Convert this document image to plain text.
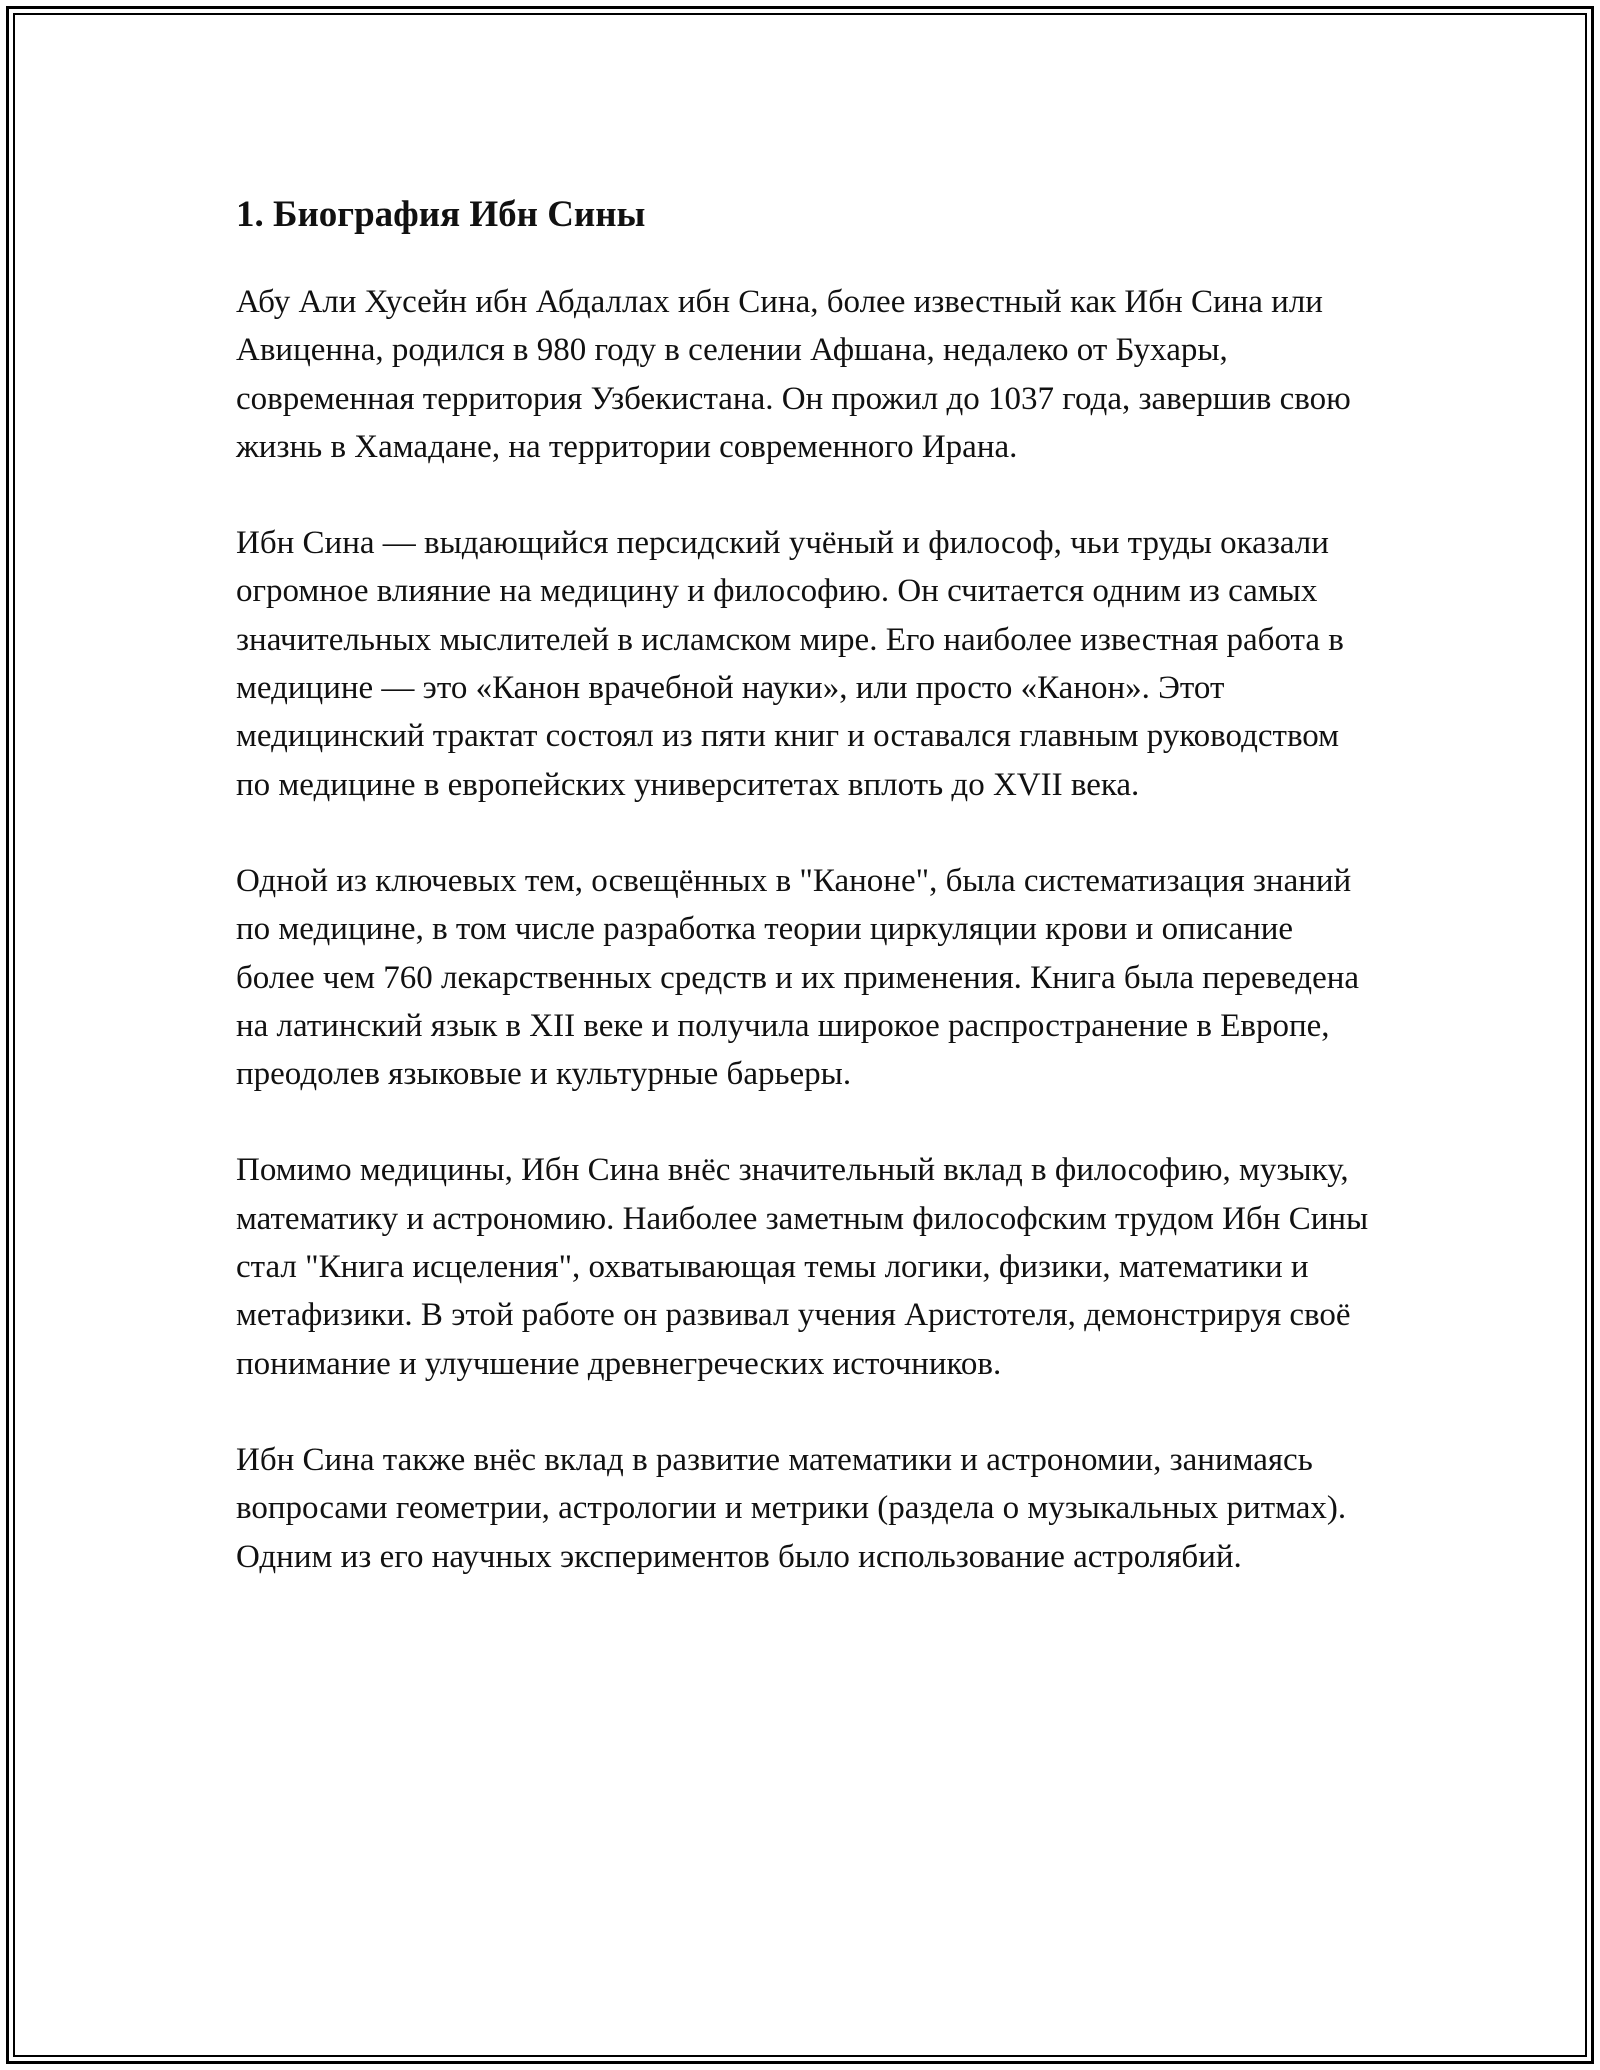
1. Биография Ибн Сины

Абу Али Хусейн ибн Абдаллах ибн Сина, более известный как Ибн Сина или Авиценна, родился в 980 году в селении Афшана, недалеко от Бухары, современная территория Узбекистана. Он прожил до 1037 года, завершив свою жизнь в Хамадане, на территории современного Ирана.

Ибн Сина — выдающийся персидский учёный и философ, чьи труды оказали огромное влияние на медицину и философию. Он считается одним из самых значительных мыслителей в исламском мире. Его наиболее известная работа в медицине — это «Канон врачебной науки», или просто «Канон». Этот медицинский трактат состоял из пяти книг и оставался главным руководством по медицине в европейских университетах вплоть до XVII века.

Одной из ключевых тем, освещённых в "Каноне", была систематизация знаний по медицине, в том числе разработка теории циркуляции крови и описание более чем 760 лекарственных средств и их применения. Книга была переведена на латинский язык в XII веке и получила широкое распространение в Европе, преодолев языковые и культурные барьеры.

Помимо медицины, Ибн Сина внёс значительный вклад в философию, музыку, математику и астрономию. Наиболее заметным философским трудом Ибн Сины стал "Книга исцеления", охватывающая темы логики, физики, математики и метафизики. В этой работе он развивал учения Аристотеля, демонстрируя своё понимание и улучшение древнегреческих источников.

Ибн Сина также внёс вклад в развитие математики и астрономии, занимаясь вопросами геометрии, астрологии и метрики (раздела о музыкальных ритмах). Одним из его научных экспериментов было использование астролябий.
